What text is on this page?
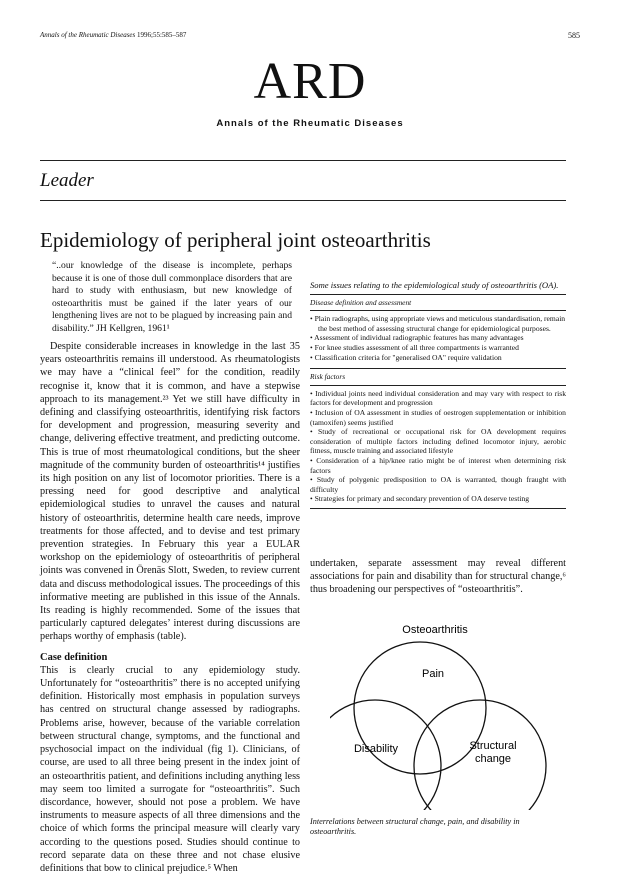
Annals of the Rheumatic Diseases 1996;55:585–587	585
ARD
Annals of the Rheumatic Diseases
Leader
Epidemiology of peripheral joint osteoarthritis
“..our knowledge of the disease is incomplete, perhaps because it is one of those dull commonplace disorders that are hard to study with enthusiasm, but new knowledge of osteoarthritis must be gained if the later years of our lengthening lives are not to be plagued by increasing pain and disability.” JH Kellgren, 1961¹

Despite considerable increases in knowledge in the last 35 years osteoarthritis remains ill understood. As rheumatologists we may have a “clinical feel” for the condition, readily recognise it, know that it is common, and have a stepwise approach to its management.²³ Yet we still have difficulty in defining and classifying osteoarthritis, identifying risk factors for development and progression, measuring severity and change, delivering effective treatment, and predicting outcome. This is true of most rheumatological conditions, but the sheer magnitude of the community burden of osteoarthritis¹⁴ justifies its high position on any list of locomotor priorities. There is a pressing need for good descriptive and analytical epidemiological studies to unravel the causes and natural history of osteoarthritis, determine health care needs, improve treatments for those affected, and to devise and test primary prevention strategies. In February this year a EULAR workshop on the epidemiology of osteoarthritis of peripheral joints was convened in Örenäs Slott, Sweden, to review current data and discuss methodological issues. The proceedings of this informative meeting are published in this issue of the Annals. Its reading is highly recommended. Some of the issues that particularly captured delegates’ interest during discussions are perhaps worthy of emphasis (table).

Case definition

This is clearly crucial to any epidemiology study. Unfortunately for “osteoarthritis” there is no accepted unifying definition. Historically most emphasis in population surveys has centred on structural change assessed by radiographs. Problems arise, however, because of the variable correlation between structural change, symptoms, and the functional and psychosocial impact on the individual (fig 1). Clinicians, of course, are used to all three being present in the index joint of an osteoarthritis patient, and definitions including anything less may seem too limited a surrogate for “osteoarthritis”. Such discordance, however, should not pose a problem. We have instruments to measure aspects of all three dimensions and the choice of which forms the principal measure will clearly vary according to the questions posed. Studies should continue to record separate data on these three and not chase elusive definitions that bow to clinical prejudice.⁵ When

Some issues relating to the epidemiological study of osteoarthritis (OA).
Disease definition and assessment
• Plain radiographs, using appropriate views and meticulous standardisation, remain the best method of assessing structural change for epidemiological purposes.
• Assessment of individual radiographic features has many advantages
• For knee studies assessment of all three compartments is warranted
• Classification criteria for "generalised OA" require validation
Risk factors
• Individual joints need individual consideration and may vary with respect to risk factors for development and progression
• Inclusion of OA assessment in studies of oestrogen supplementation or inhibition (tamoxifen) seems justified
• Study of recreational or occupational risk for OA development requires consideration of multiple factors including defined locomotor injury, aerobic fitness, muscle training and associated lifestyle
• Consideration of a hip/knee ratio might be of interest when determining risk factors
• Study of polygenic predisposition to OA is warranted, though fraught with difficulty
• Strategies for primary and secondary prevention of OA deserve testing
undertaken, separate assessment may reveal different associations for pain and disability than for structural change,⁶ thus broadening our perspectives of “osteoarthritis”.
Osteoarthritis
Pain
Disability	Structural
change
Interrelations between structural change, pain, and disability in osteoarthritis.
